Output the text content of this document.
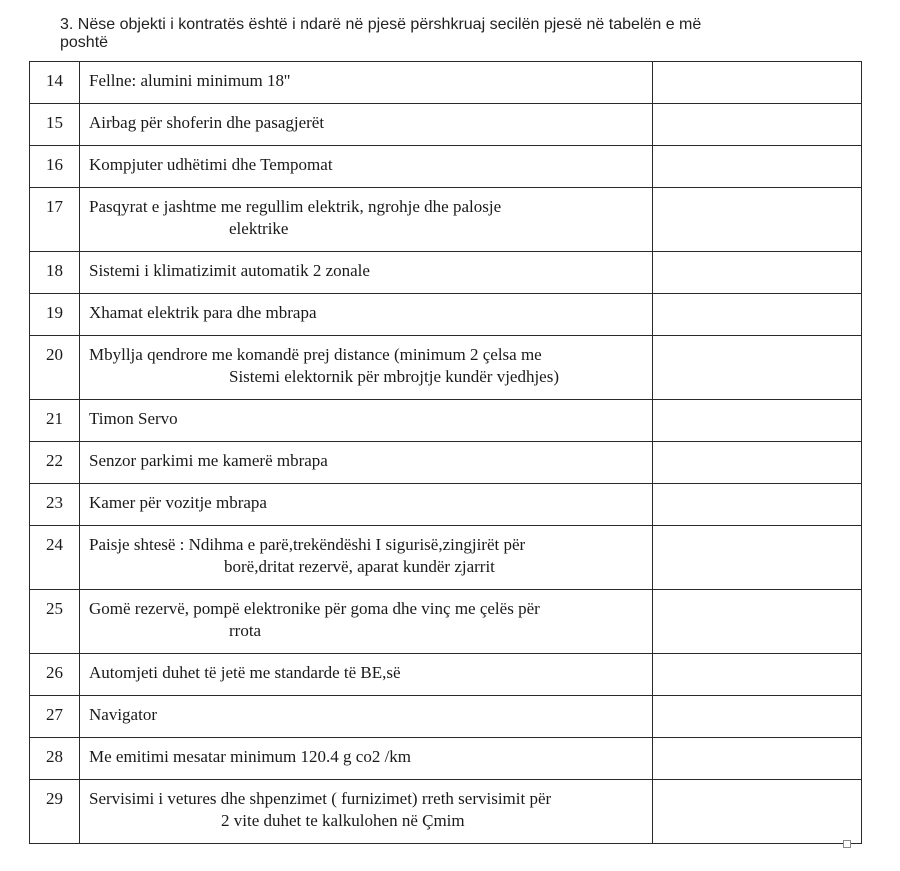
3. Nëse objekti i kontratës është i ndarë në pjesë përshkruaj secilën pjesë në tabelën e më
poshtë
14	Fellne: alumini minimum 18''	
15	Airbag për shoferin dhe pasagjerët	
16	Kompjuter udhëtimi dhe Tempomat	
17	Pasqyrat e jashtme me regullim elektrik, ngrohje dhe palosje
elektrike	

18	Sistemi i klimatizimit automatik 2 zonale	
19	Xhamat elektrik para dhe mbrapa	
20	Mbyllja qendrore me komandë prej distance (minimum 2 çelsa me
Sistemi elektornik për mbrojtje kundër vjedhjes)	

21	Timon Servo	
22	Senzor parkimi me kamerë mbrapa	
23	Kamer për vozitje mbrapa	
24	Paisje shtesë : Ndihma e parë,trekëndëshi I sigurisë,zingjirët për
borë,dritat rezervë, aparat kundër zjarrit	

25	Gomë rezervë, pompë elektronike për goma dhe vinç me çelës për
rrota	

26	Automjeti duhet të jetë me standarde të BE,së	
27	Navigator	
28	Me emitimi mesatar minimum 120.4 g co2 /km	
29	Servisimi i vetures dhe shpenzimet ( furnizimet) rreth servisimit për
2 vite duhet te kalkulohen në Çmim	
